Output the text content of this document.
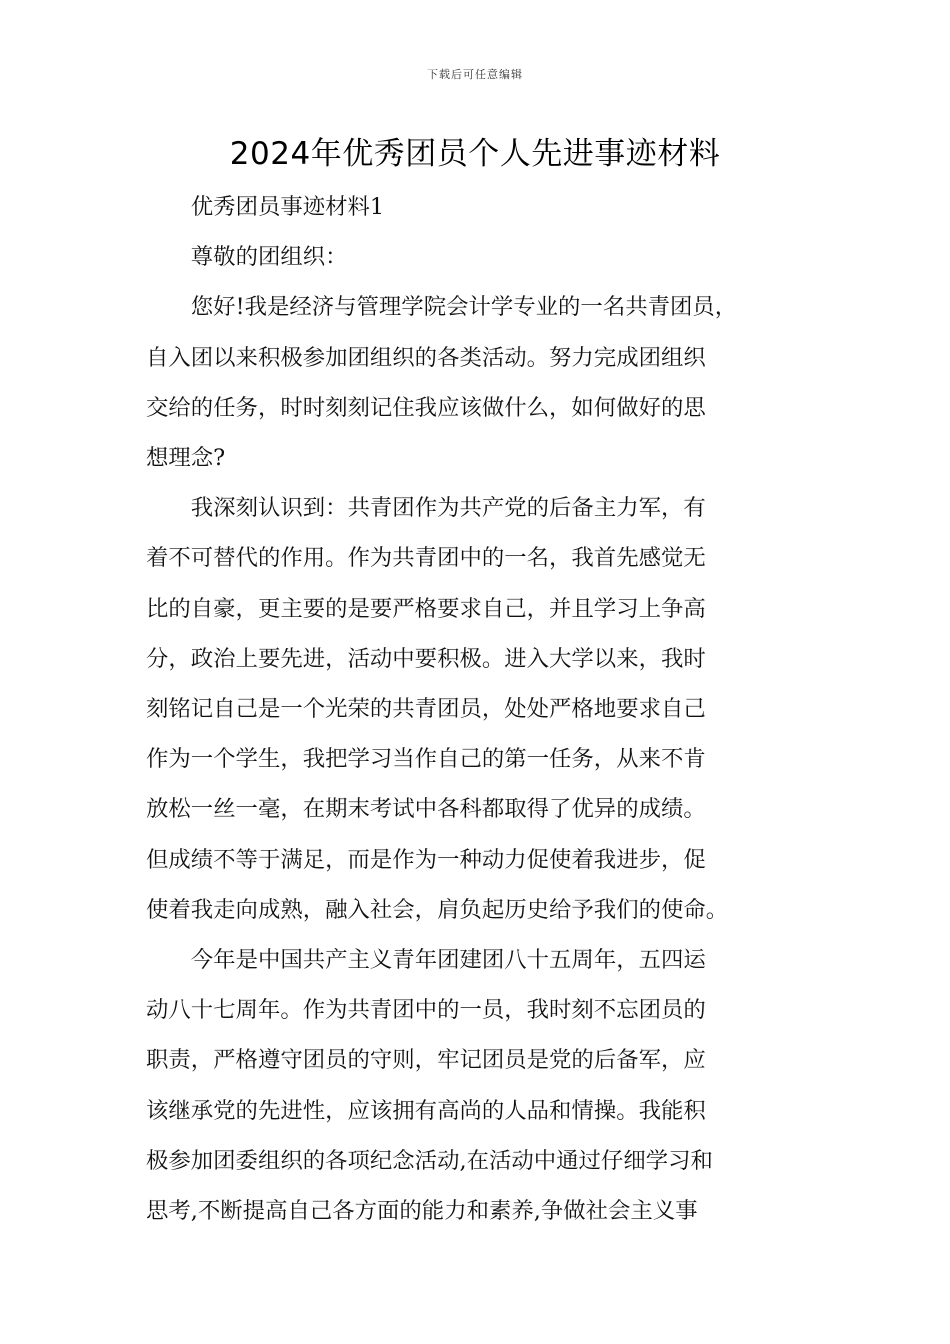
下载后可任意编辑
2024年优秀团员个人先进事迹材料

优秀团员事迹材料1

尊敬的团组织：

您好!我是经济与管理学院会计学专业的一名共青团员，
自入团以来积极参加团组织的各类活动。努力完成团组织
交给的任务，时时刻刻记住我应该做什么，如何做好的思
想理念?

我深刻认识到：共青团作为共产党的后备主力军，有
着不可替代的作用。作为共青团中的一名，我首先感觉无
比的自豪，更主要的是要严格要求自己，并且学习上争高
分，政治上要先进，活动中要积极。进入大学以来，我时
刻铭记自己是一个光荣的共青团员，处处严格地要求自己
作为一个学生，我把学习当作自己的第一任务，从来不肯
放松一丝一毫，在期末考试中各科都取得了优异的成绩。
但成绩不等于满足，而是作为一种动力促使着我进步，促
使着我走向成熟，融入社会，肩负起历史给予我们的使命。

今年是中国共产主义青年团建团八十五周年，五四运
动八十七周年。作为共青团中的一员，我时刻不忘团员的
职责，严格遵守团员的守则，牢记团员是党的后备军，应
该继承党的先进性，应该拥有高尚的人品和情操。我能积
极参加团委组织的各项纪念活动,在活动中通过仔细学习和
思考,不断提高自己各方面的能力和素养,争做社会主义事
